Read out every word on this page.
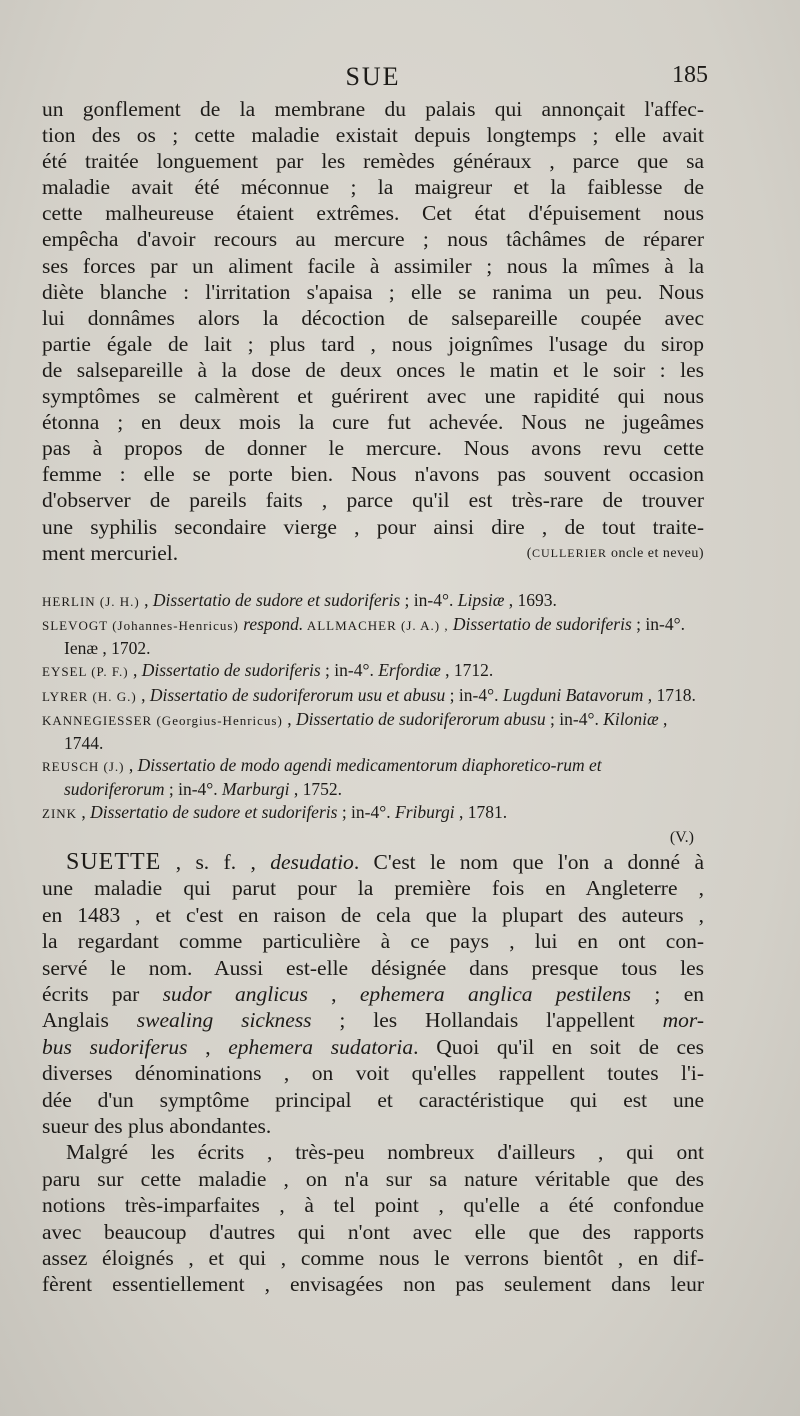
SUE	185
un gonflement de la membrane du palais qui annonçait l'affec-
tion des os ; cette maladie existait depuis longtemps ; elle avait
été traitée longuement par les remèdes généraux , parce que sa
maladie avait été méconnue ; la maigreur et la faiblesse de
cette malheureuse étaient extrêmes. Cet état d'épuisement nous
empêcha d'avoir recours au mercure ; nous tâchâmes de réparer
ses forces par un aliment facile à assimiler ; nous la mîmes à la
diète blanche : l'irritation s'apaisa ; elle se ranima un peu. Nous
lui donnâmes alors la décoction de salsepareille coupée avec
partie égale de lait ; plus tard , nous joignîmes l'usage du sirop
de salsepareille à la dose de deux onces le matin et le soir : les
symptômes se calmèrent et guérirent avec une rapidité qui nous
étonna ; en deux mois la cure fut achevée. Nous ne jugeâmes
pas à propos de donner le mercure. Nous avons revu cette
femme : elle se porte bien. Nous n'avons pas souvent occasion
d'observer de pareils faits , parce qu'il est très-rare de trouver
une syphilis secondaire vierge , pour ainsi dire , de tout traite-
ment mercuriel.	(CULLERIER oncle et neveu)

HERLIN (J. H.) , Dissertatio de sudore et sudoriferis ; in-4°. Lipsiæ , 1693.

SLEVOGT (Johannes-Henricus) respond. ALLMACHER (J. A.) , Dissertatio de sudoriferis ; in-4°. Ienæ , 1702.

EYSEL (P. F.) , Dissertatio de sudoriferis ; in-4°. Erfordiæ , 1712.

LYRER (H. G.) , Dissertatio de sudoriferorum usu et abusu ; in-4°. Lugduni Batavorum , 1718.

KANNEGIESSER (Georgius-Henricus) , Dissertatio de sudoriferorum abusu ; in-4°. Kiloniæ , 1744.

REUSCH (J.) , Dissertatio de modo agendi medicamentorum diaphoretico-rum et sudoriferorum ; in-4°. Marburgi , 1752.

ZINK , Dissertatio de sudore et sudoriferis ; in-4°. Friburgi , 1781.

(V.)
SUETTE , s. f. , desudatio. C'est le nom que l'on a donné à
une maladie qui parut pour la première fois en Angleterre ,
en 1483 , et c'est en raison de cela que la plupart des auteurs ,
la regardant comme particulière à ce pays , lui en ont con-
servé le nom. Aussi est-elle désignée dans presque tous les
écrits par sudor anglicus , ephemera anglica pestilens ; en
Anglais swealing sickness ; les Hollandais l'appellent mor-
bus sudoriferus , ephemera sudatoria. Quoi qu'il en soit de ces
diverses dénominations , on voit qu'elles rappellent toutes l'i-
dée d'un symptôme principal et caractéristique qui est une
sueur des plus abondantes.
Malgré les écrits , très-peu nombreux d'ailleurs , qui ont
paru sur cette maladie , on n'a sur sa nature véritable que des
notions très-imparfaites , à tel point , qu'elle a été confondue
avec beaucoup d'autres qui n'ont avec elle que des rapports
assez éloignés , et qui , comme nous le verrons bientôt , en dif-
fèrent essentiellement , envisagées non pas seulement dans leur
